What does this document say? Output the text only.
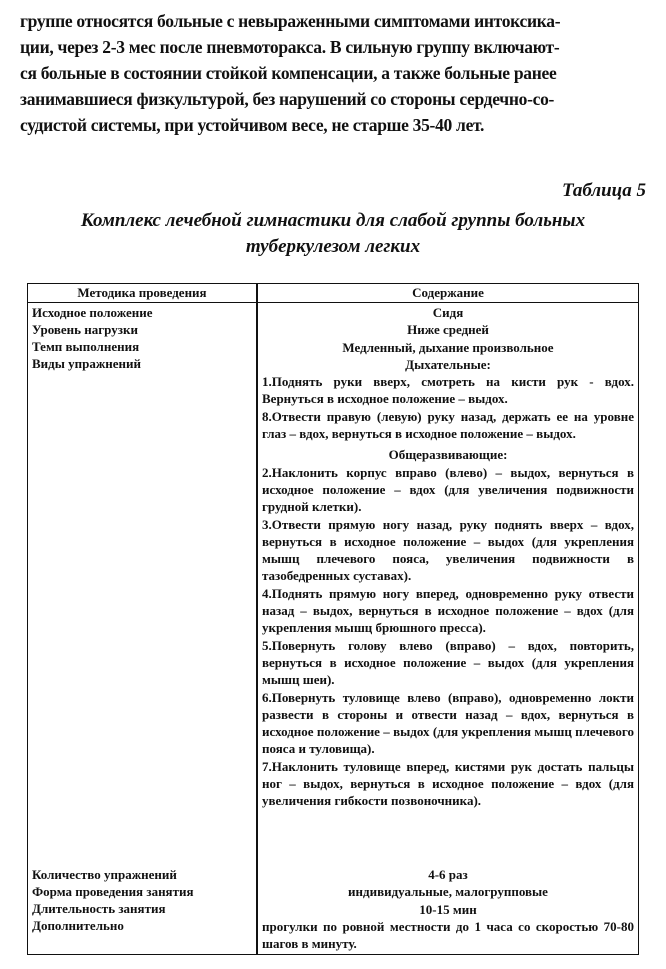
группе относятся больные с невыраженными симптомами интоксика-
ции, через 2-3 мес после пневмоторакса. В сильную группу включают-
ся больные в состоянии стойкой компенсации, а также больные ранее
занимавшиеся физкультурой, без нарушений со стороны сердечно-со-
судистой системы, при устойчивом весе, не старше 35-40 лет.
Таблица 5
Комплекс лечебной гимнастики для слабой группы больных
туберкулезом легких
Методика проведения	Содержание
Исходное положение
Уровень нагрузки
Темп выполнения
Виды упражнений
Сидя
Ниже средней
Медленный, дыхание произвольное
Дыхательные:
1.Поднять руки вверх, смотреть на кисти рук - вдох. Вернуться в исходное положение – выдох.
8.Отвести правую (левую) руку назад, держать ее на уровне глаз – вдох, вернуться в исходное положение – выдох.
Общеразвивающие:
2.Наклонить корпус вправо (влево) – выдох, вернуться в исходное положение – вдох (для увеличения подвижности грудной клетки).
3.Отвести прямую ногу назад, руку поднять вверх – вдох, вернуться в исходное положение – выдох (для укрепления мышц плечевого пояса, увеличения подвижности в тазобедренных суставах).
4.Поднять прямую ногу вперед, одновременно руку отвести назад – выдох, вернуться в исходное положение – вдох (для укрепления мышц брюшного пресса).
5.Повернуть голову влево (вправо) – вдох, повторить, вернуться в исходное положение – выдох (для укрепления мышц шеи).
6.Повернуть туловище влево (вправо), одновременно локти развести в стороны и отвести назад – вдох, вернуться в исходное положение – выдох (для укрепления мышц плечевого пояса и туловища).
7.Наклонить туловище вперед, кистями рук достать пальцы ног – выдох, вернуться в исходное положение – вдох (для увеличения гибкости позвоночника).
Количество упражнений
Форма проведения занятия
Длительность занятия
Дополнительно
4-6 раз
индивидуальные, малогрупповые
10-15 мин
прогулки по ровной местности до 1 часа со скоростью 70-80 шагов в минуту.
